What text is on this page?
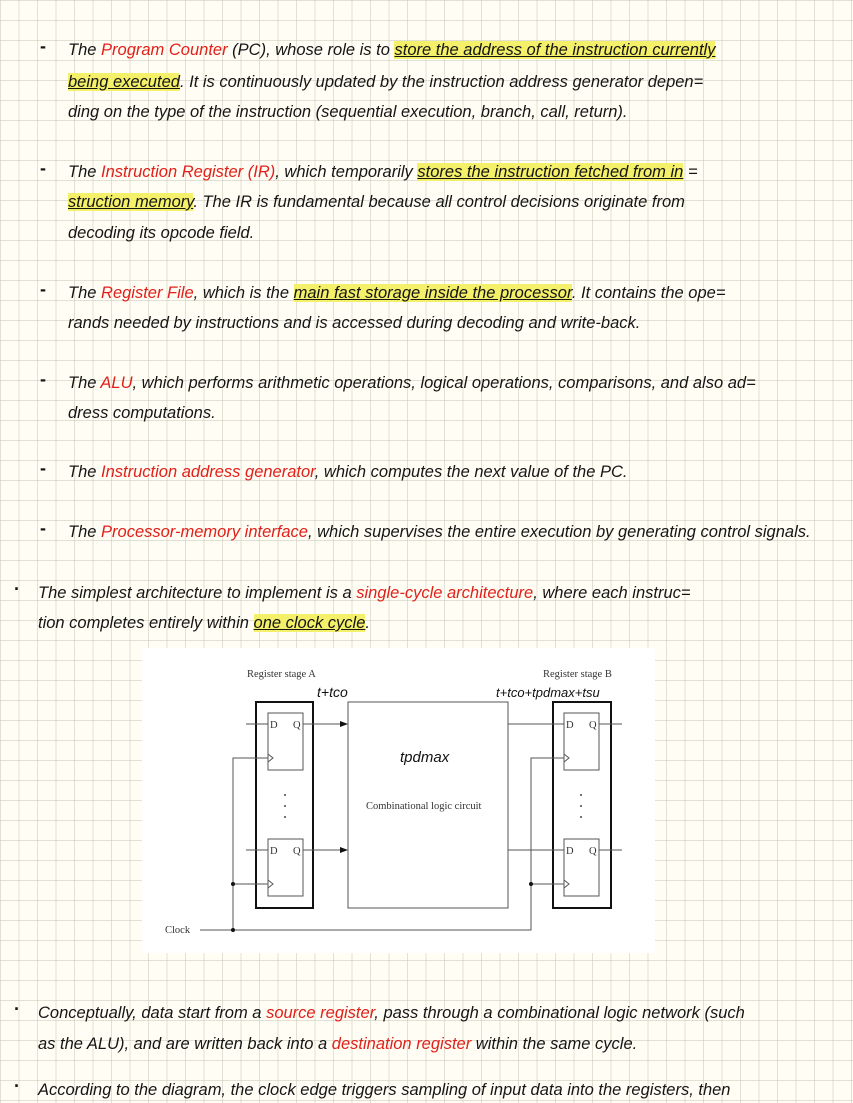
- The Program Counter (PC), whose role is to store the address of the instruction currently
being executed. It is continuously updated by the instruction address generator depen=
ding on the type of the instruction (sequential execution, branch, call, return).
- The Instruction Register (IR), which temporarily stores the instruction fetched from in =
struction memory. The IR is fundamental because all control decisions originate from
decoding its opcode field.
- The Register File, which is the main fast storage inside the processor. It contains the ope=
rands needed by instructions and is accessed during decoding and write-back.
- The ALU, which performs arithmetic operations, logical operations, comparisons, and also ad=
dress computations.
- The Instruction address generator, which computes the next value of the PC.
- The Processor-memory interface, which supervises the entire execution by generating control signals.
· The simplest architecture to implement is a single-cycle architecture, where each instruc=
tion completes entirely within one clock cycle.
· Conceptually, data start from a source register, pass through a combinational logic network (such
as the ALU), and are written back into a destination register within the same cycle.
· According to the diagram, the clock edge triggers sampling of input data into the registers, then
Register stage A	Register stage B
Combinational logic circuit
Clock
D Q
D Q
D Q
D Q
t+tco	t+tco+tpdmax+tsu
tpdmax
